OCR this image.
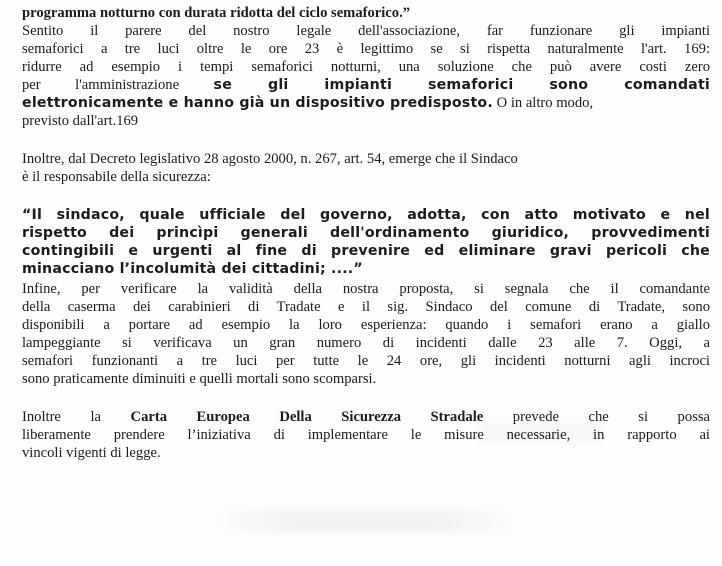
programma notturno con durata ridotta del ciclo semaforico.”
Sentito il parere del nostro legale dell'associazione, far funzionare gli impianti
semaforici a tre luci oltre le ore 23 è legittimo se si rispetta naturalmente l'art. 169:
ridurre ad esempio i tempi semaforici notturni, una soluzione che può avere costi zero
per l'amministrazione se gli impianti semaforici sono comandati
elettronicamente e hanno già un dispositivo predisposto. O in altro modo,
previsto dall'art.169
Inoltre, dal Decreto legislativo 28 agosto 2000, n. 267, art. 54, emerge che il Sindaco
è il responsabile della sicurezza:
“Il sindaco, quale ufficiale del governo, adotta, con atto motivato e nel
rispetto dei princìpi generali dell'ordinamento giuridico, provvedimenti
contingibili e urgenti al fine di prevenire ed eliminare gravi pericoli che
minacciano l’incolumità dei cittadini; ....”
Infine, per verificare la validità della nostra proposta, si segnala che il comandante
della caserma dei carabinieri di Tradate e il sig. Sindaco del comune di Tradate, sono
disponibili a portare ad esempio la loro esperienza: quando i semafori erano a giallo
lampeggiante si verificava un gran numero di incidenti dalle 23 alle 7. Oggi, a
semafori funzionanti a tre luci per tutte le 24 ore, gli incidenti notturni agli incroci
sono praticamente diminuiti e quelli mortali sono scomparsi.
Inoltre la Carta Europea Della Sicurezza Stradale prevede che si possa
liberamente prendere l’iniziativa di implementare le misure necessarie, in rapporto ai
vincoli vigenti di legge.
